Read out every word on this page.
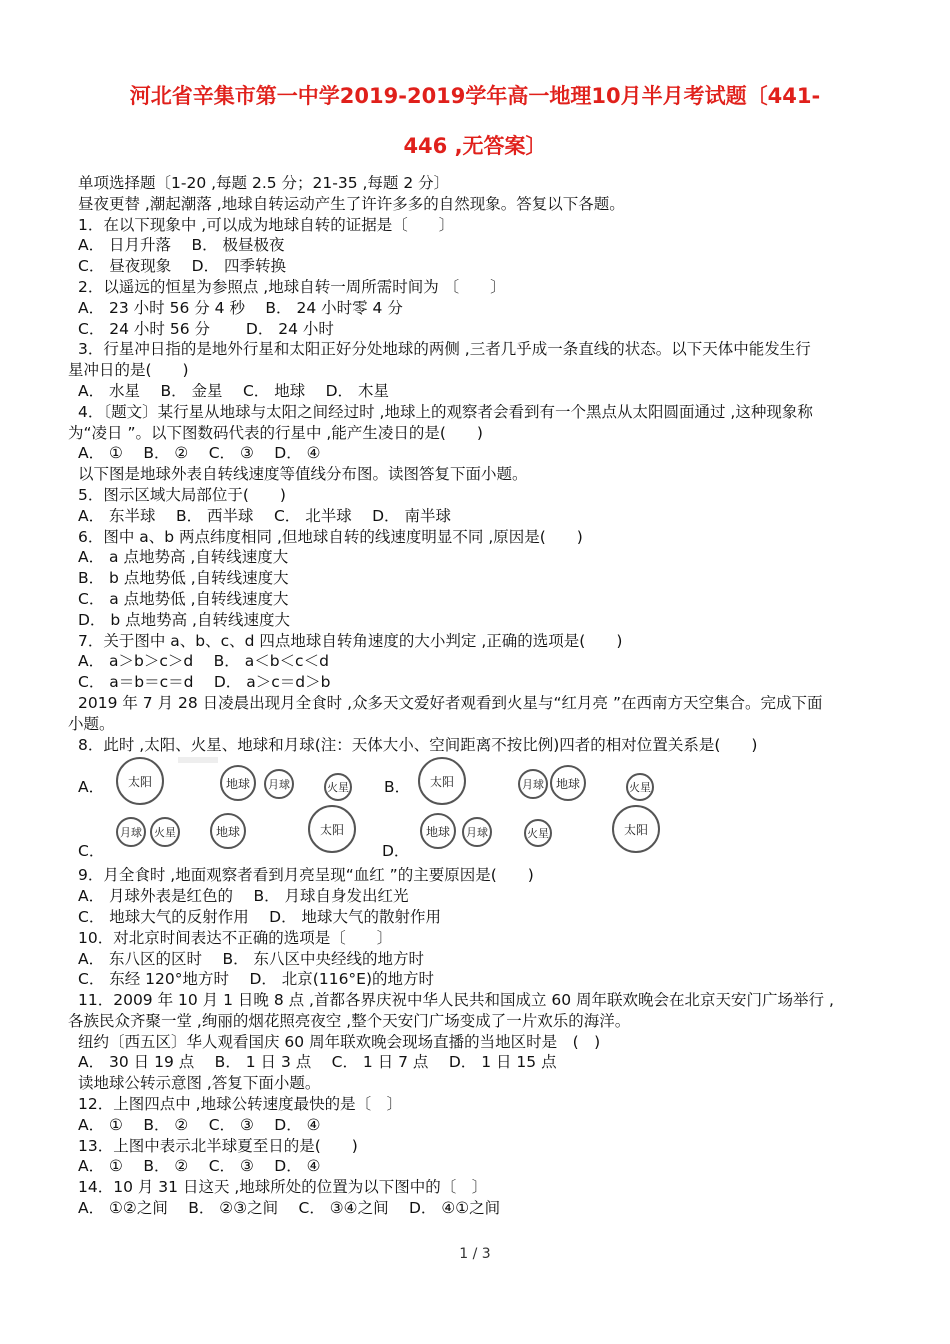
河北省辛集市第一中学2019-2019学年高一地理10月半月考试题〔441-
446 ,无答案〕
单项选择题〔1-20 ,每题 2.5 分；21-35 ,每题 2 分〕
昼夜更替 ,潮起潮落 ,地球自转运动产生了许许多多的自然现象。答复以下各题。
1．在以下现象中 ,可以成为地球自转的证据是〔　　〕
A． 日月升落　 B． 极昼极夜
C． 昼夜现象　 D． 四季转换
2．以遥远的恒星为参照点 ,地球自转一周所需时间为 〔　　〕
A． 23 小时 56 分 4 秒　 B． 24 小时零 4 分
C． 24 小时 56 分　　 D． 24 小时
3．行星冲日指的是地外行星和太阳正好分处地球的两侧 ,三者几乎成一条直线的状态。以下天体中能发生行
星冲日的是(　　)
A． 水星　 B． 金星　 C． 地球　 D． 木星
4．〔题文〕某行星从地球与太阳之间经过时 ,地球上的观察者会看到有一个黑点从太阳圆面通过 ,这种现象称
为“凌日 ”。以下图数码代表的行星中 ,能产生凌日的是(　　)
A． ①　 B． ②　 C． ③　 D． ④
以下图是地球外表自转线速度等值线分布图。读图答复下面小题。
5．图示区域大局部位于(　　)
A． 东半球　 B． 西半球　 C． 北半球　 D． 南半球
6．图中 a、b 两点纬度相同 ,但地球自转的线速度明显不同 ,原因是(　　)
A． a 点地势高 ,自转线速度大
B． b 点地势低 ,自转线速度大
C． a 点地势低 ,自转线速度大
D． b 点地势高 ,自转线速度大
7．关于图中 a、b、c、d 四点地球自转角速度的大小判定 ,正确的选项是(　　)
A． a＞b＞c＞d　 B． a＜b＜c＜d
C． a＝b＝c＝d　 D． a＞c＝d＞b
2019 年 7 月 28 日凌晨出现月全食时 ,众多天文爱好者观看到火星与“红月亮 ”在西南方天空集合。完成下面
小题。
8．此时 ,太阳、火星、地球和月球(注：天体大小、空间距离不按比例)四者的相对位置关系是(　　)
A．	太阳	地球	月球	火星 B．	太阳	月球 地球	火星
C．
月球	火星	地球	太阳
D．
地球	月球	火星	太阳
9．月全食时 ,地面观察者看到月亮呈现“血红 ”的主要原因是(　　)
A． 月球外表是红色的　 B． 月球自身发出红光
C． 地球大气的反射作用　 D． 地球大气的散射作用
10．对北京时间表达不正确的选项是〔　　〕
A． 东八区的区时　 B． 东八区中央经线的地方时
C． 东经 120°地方时　 D． 北京(116°E)的地方时
11．2009 年 10 月 1 日晚 8 点 ,首都各界庆祝中华人民共和国成立 60 周年联欢晚会在北京天安门广场举行 ,
各族民众齐聚一堂 ,绚丽的烟花照亮夜空 ,整个天安门广场变成了一片欢乐的海洋。
纽约〔西五区〕华人观看国庆 60 周年联欢晚会现场直播的当地区时是　(　)
A． 30 日 19 点　 B． 1 日 3 点　 C． 1 日 7 点　 D． 1 日 15 点
读地球公转示意图 ,答复下面小题。
12．上图四点中 ,地球公转速度最快的是〔　〕
A． ①　 B． ②　 C． ③　 D． ④
13．上图中表示北半球夏至日的是(　　)
A． ①　 B． ②　 C． ③　 D． ④
14．10 月 31 日这天 ,地球所处的位置为以下图中的〔　〕
A． ①②之间　 B． ②③之间　 C． ③④之间　 D． ④①之间
1 / 3
